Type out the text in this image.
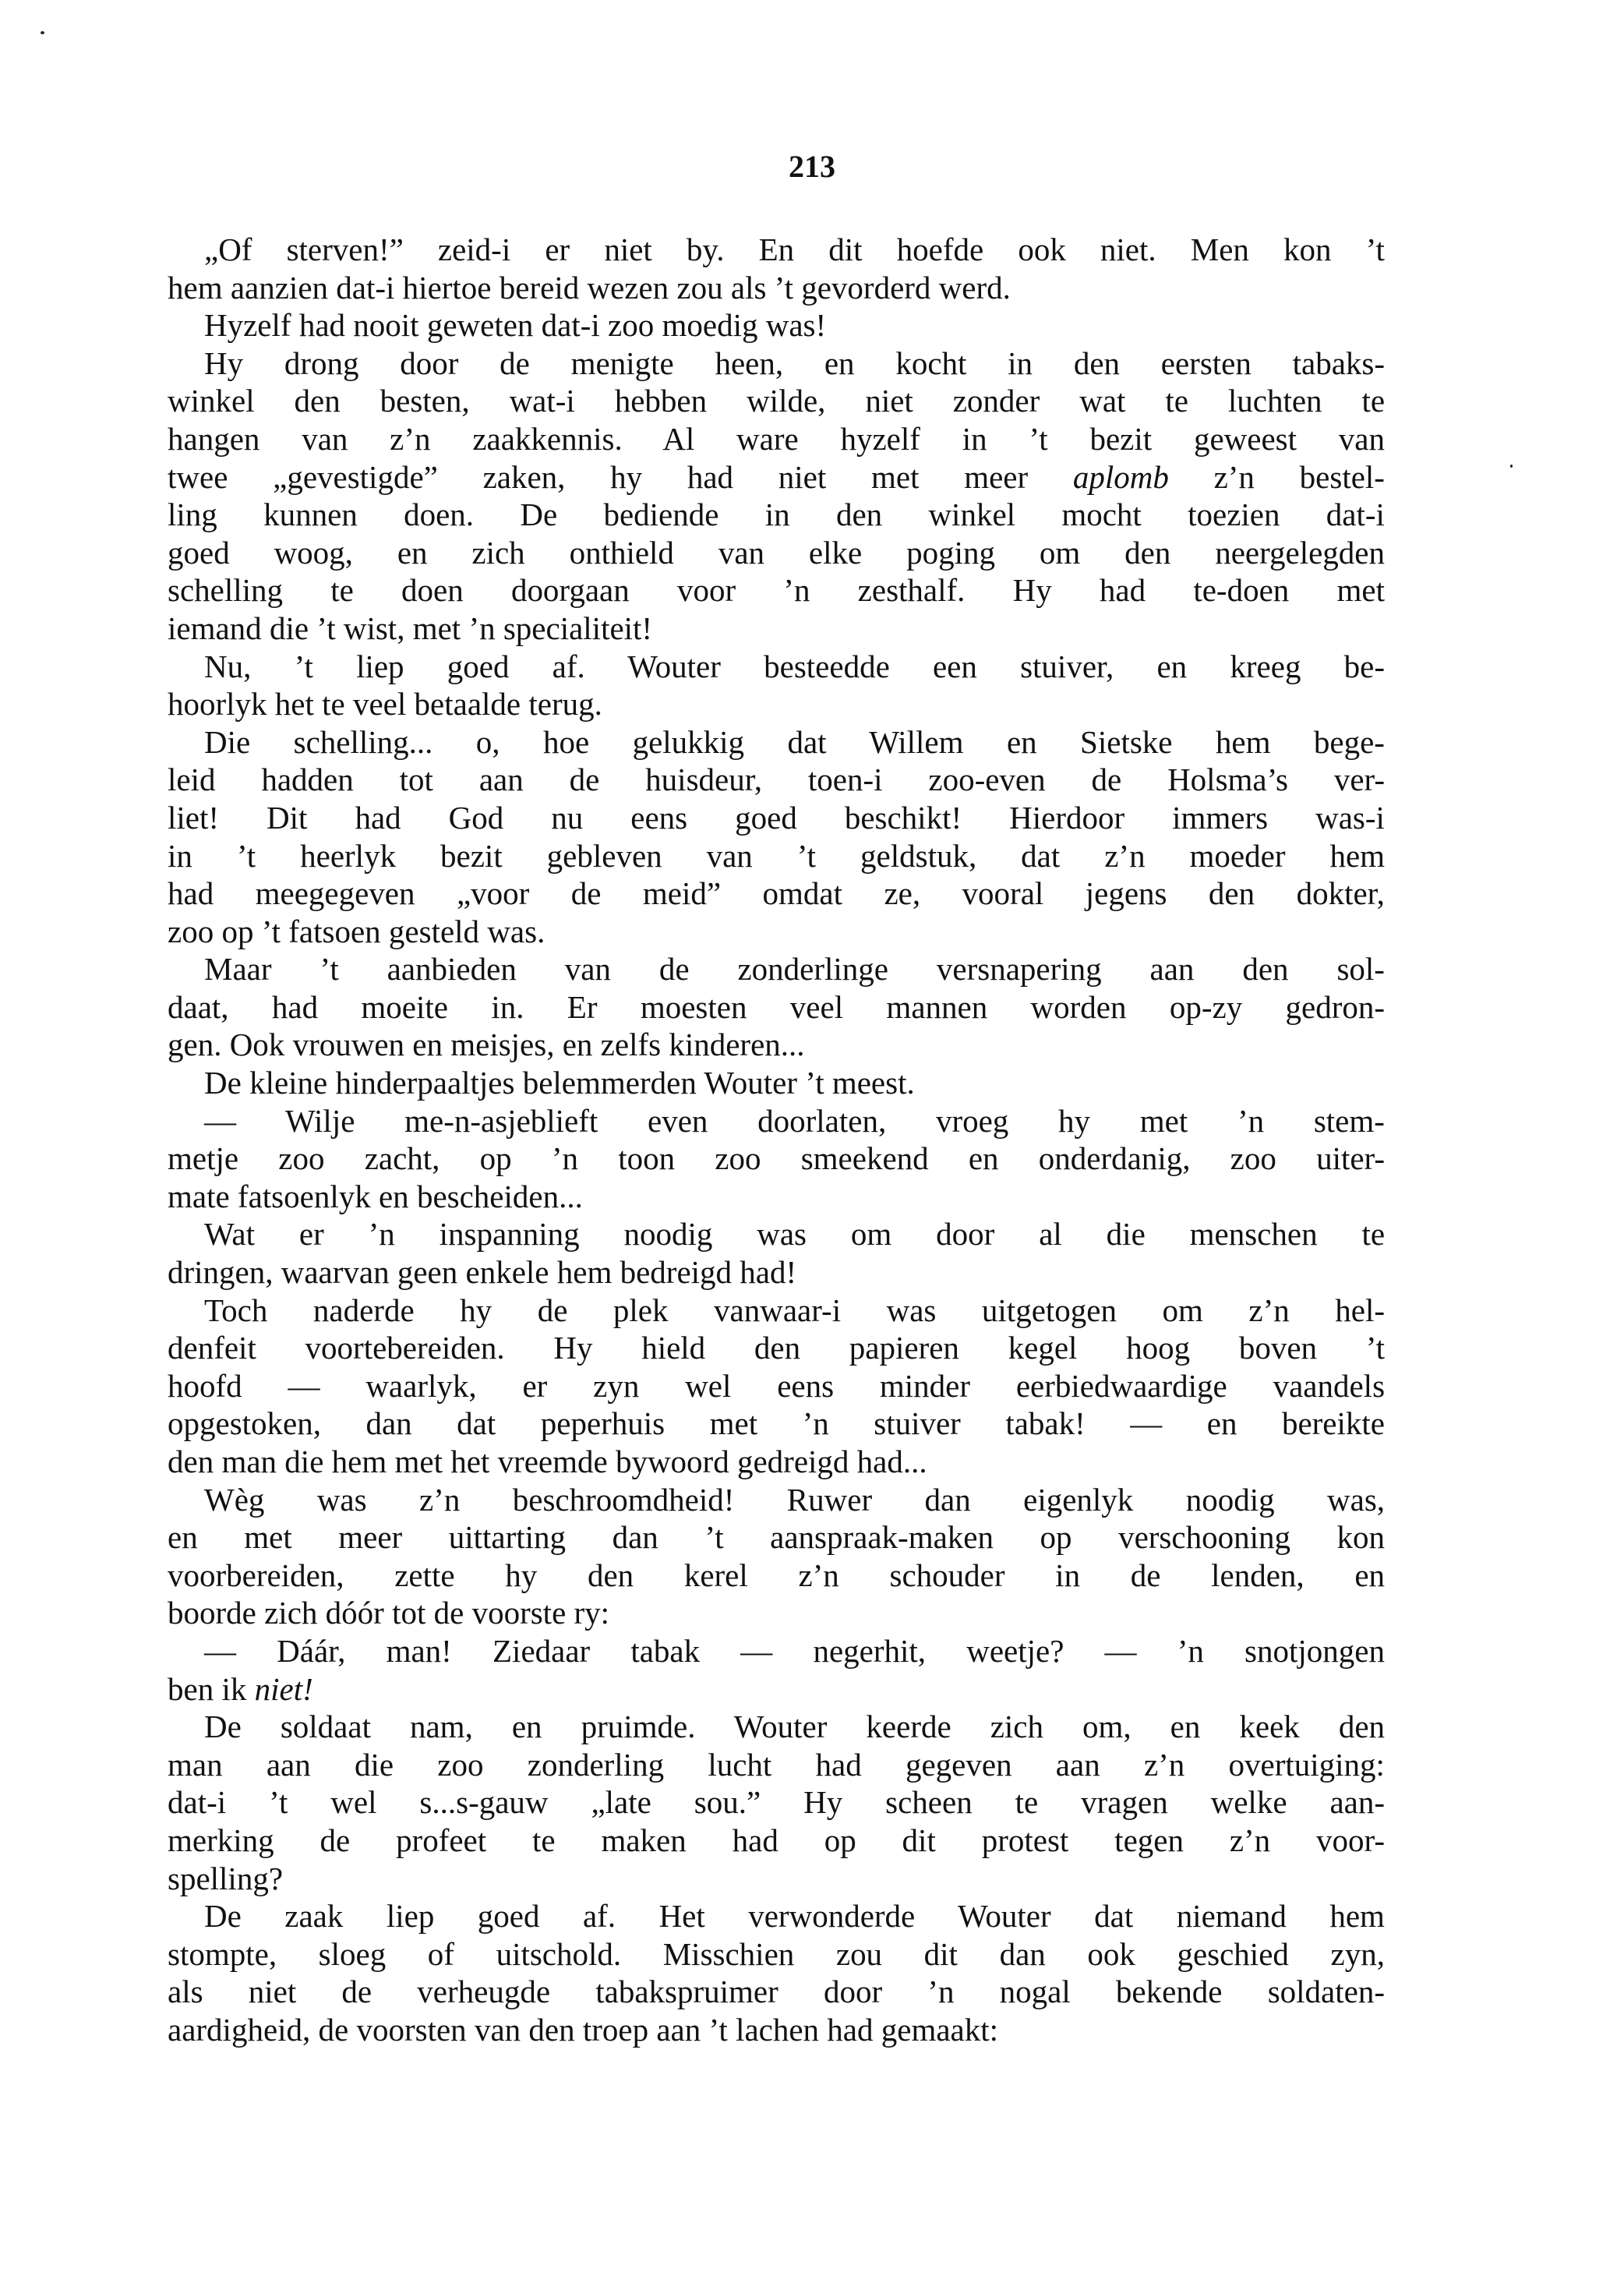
213
„Of sterven!” zeid-i er niet by. En dit hoefde ook niet. Men kon ’t
hem aanzien dat-i hiertoe bereid wezen zou als ’t gevorderd werd.
Hyzelf had nooit geweten dat-i zoo moedig was!
Hy drong door de menigte heen, en kocht in den eersten tabaks-
winkel den besten, wat-i hebben wilde, niet zonder wat te luchten te
hangen van z’n zaakkennis. Al ware hyzelf in ’t bezit geweest van
twee „gevestigde” zaken, hy had niet met meer aplomb z’n bestel-
ling kunnen doen. De bediende in den winkel mocht toezien dat-i
goed woog, en zich onthield van elke poging om den neergelegden
schelling te doen doorgaan voor ’n zesthalf. Hy had te-doen met
iemand die ’t wist, met ’n specialiteit!
Nu, ’t liep goed af. Wouter besteedde een stuiver, en kreeg be-
hoorlyk het te veel betaalde terug.
Die schelling... o, hoe gelukkig dat Willem en Sietske hem bege-
leid hadden tot aan de huisdeur, toen-i zoo-even de Holsma’s ver-
liet! Dit had God nu eens goed beschikt! Hierdoor immers was-i
in ’t heerlyk bezit gebleven van ’t geldstuk, dat z’n moeder hem
had meegegeven „voor de meid” omdat ze, vooral jegens den dokter,
zoo op ’t fatsoen gesteld was.
Maar ’t aanbieden van de zonderlinge versnapering aan den sol-
daat, had moeite in. Er moesten veel mannen worden op-zy gedron-
gen. Ook vrouwen en meisjes, en zelfs kinderen...
De kleine hinderpaaltjes belemmerden Wouter ’t meest.
— Wilje me-n-asjeblieft even doorlaten, vroeg hy met ’n stem-
metje zoo zacht, op ’n toon zoo smeekend en onderdanig, zoo uiter-
mate fatsoenlyk en bescheiden...
Wat er ’n inspanning noodig was om door al die menschen te
dringen, waarvan geen enkele hem bedreigd had!
Toch naderde hy de plek vanwaar-i was uitgetogen om z’n hel-
denfeit voortebereiden. Hy hield den papieren kegel hoog boven ’t
hoofd — waarlyk, er zyn wel eens minder eerbiedwaardige vaandels
opgestoken, dan dat peperhuis met ’n stuiver tabak! — en bereikte
den man die hem met het vreemde bywoord gedreigd had...
Wèg was z’n beschroomdheid! Ruwer dan eigenlyk noodig was,
en met meer uittarting dan ’t aanspraak-maken op verschooning kon
voorbereiden, zette hy den kerel z’n schouder in de lenden, en
boorde zich dóór tot de voorste ry:
— Dáár, man! Ziedaar tabak — negerhit, weetje? — ’n snotjongen
ben ik niet!
De soldaat nam, en pruimde. Wouter keerde zich om, en keek den
man aan die zoo zonderling lucht had gegeven aan z’n overtuiging:
dat-i ’t wel s...s-gauw „late sou.” Hy scheen te vragen welke aan-
merking de profeet te maken had op dit protest tegen z’n voor-
spelling?
De zaak liep goed af. Het verwonderde Wouter dat niemand hem
stompte, sloeg of uitschold. Misschien zou dit dan ook geschied zyn,
als niet de verheugde tabakspruimer door ’n nogal bekende soldaten-
aardigheid, de voorsten van den troep aan ’t lachen had gemaakt:
